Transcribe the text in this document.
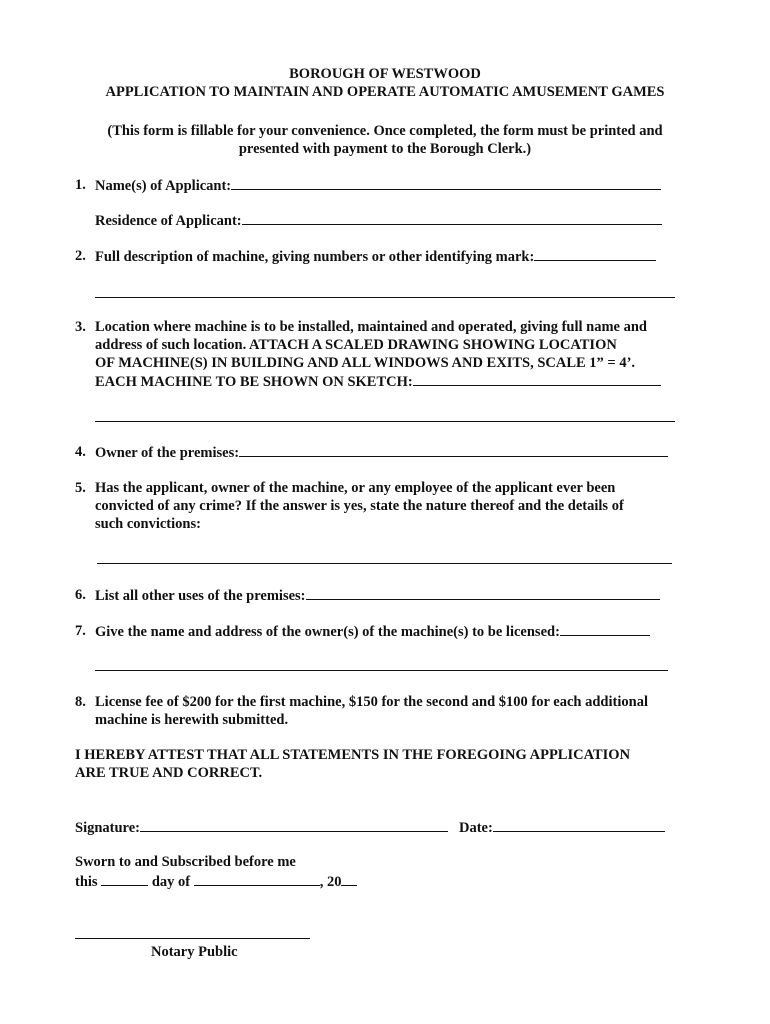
BOROUGH OF WESTWOOD
APPLICATION TO MAINTAIN AND OPERATE AUTOMATIC AMUSEMENT GAMES
(This form is fillable for your convenience. Once completed, the form must be printed and
presented with payment to the Borough Clerk.)
1. Name(s) of Applicant:
Residence of Applicant:
2. Full description of machine, giving numbers or other identifying mark:
3. Location where machine is to be installed, maintained and operated, giving full name and
address of such location. ATTACH A SCALED DRAWING SHOWING LOCATION
OF MACHINE(S) IN BUILDING AND ALL WINDOWS AND EXITS, SCALE 1” = 4’.
EACH MACHINE TO BE SHOWN ON SKETCH:
4. Owner of the premises:
5. Has the applicant, owner of the machine, or any employee of the applicant ever been
convicted of any crime? If the answer is yes, state the nature thereof and the details of
such convictions:
6. List all other uses of the premises:
7. Give the name and address of the owner(s) of the machine(s) to be licensed:
8. License fee of $200 for the first machine, $150 for the second and $100 for each additional
machine is herewith submitted.
I HEREBY ATTEST THAT ALL STATEMENTS IN THE FOREGOING APPLICATION
ARE TRUE AND CORRECT.
Signature:	Date:
Sworn to and Subscribed before me
this	day of	, 20
Notary Public
